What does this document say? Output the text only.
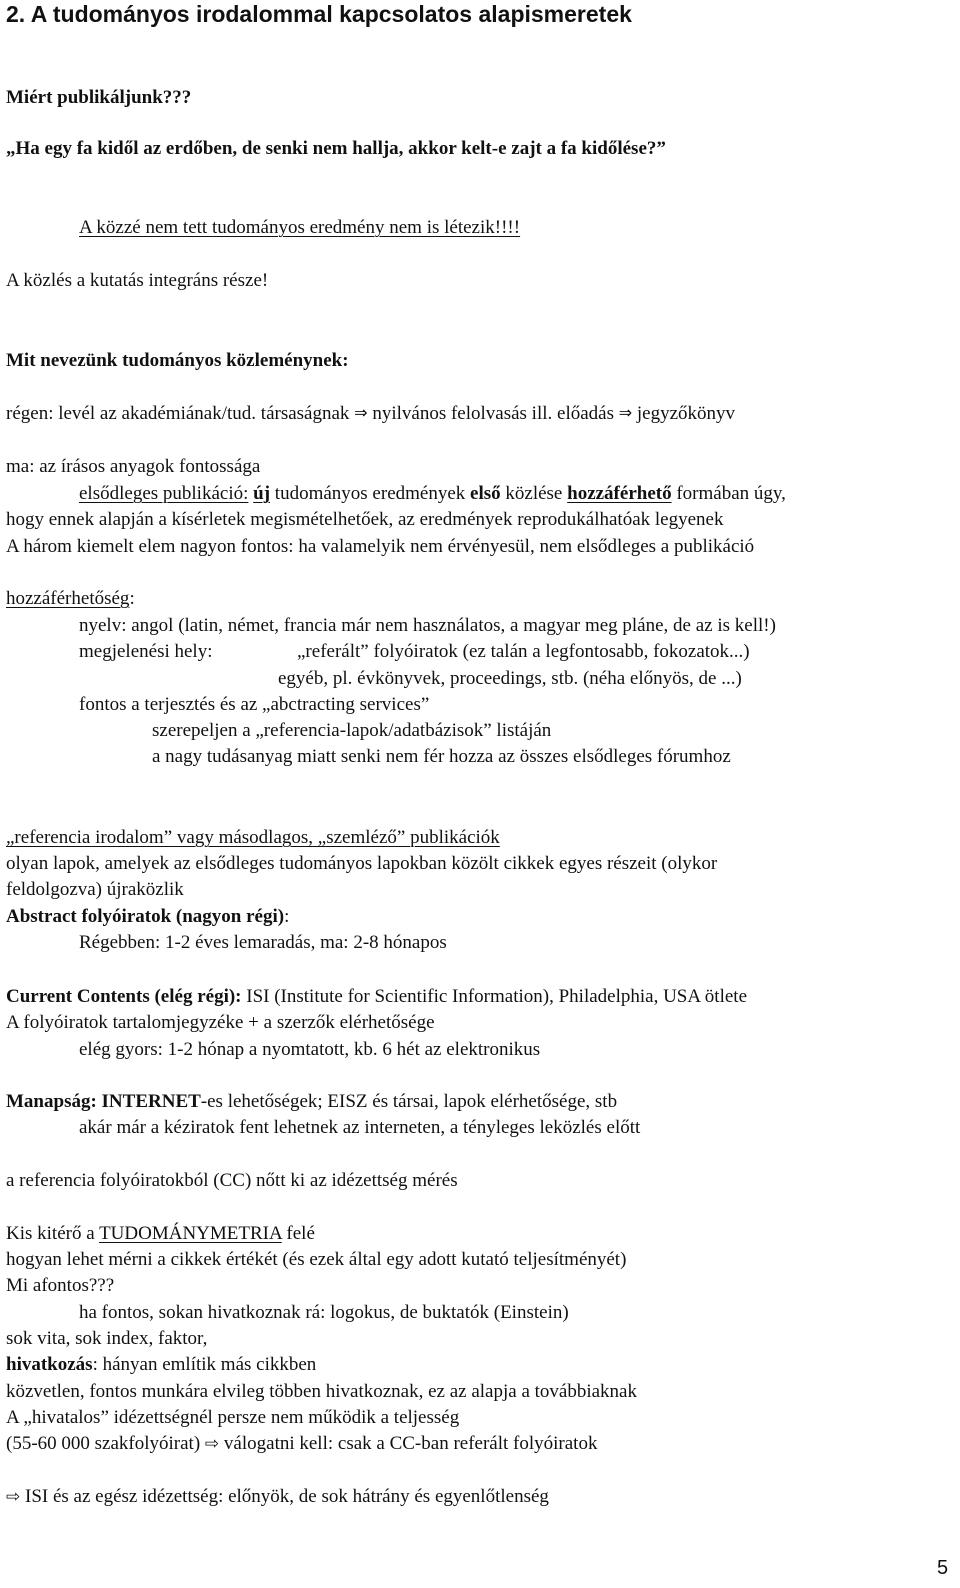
2. A tudományos irodalommal kapcsolatos alapismeretek
Miért publikáljunk???
„Ha egy fa kidől az erdőben, de senki nem hallja, akkor kelt-e zajt a fa kidőlése?”
A közzé nem tett tudományos eredmény nem is létezik!!!!
A közlés a kutatás integráns része!
Mit nevezünk tudományos közleménynek:
régen: levél az akadémiának/tud. társaságnak ⇒ nyilvános felolvasás ill. előadás ⇒ jegyzőkönyv
ma: az írásos anyagok fontossága
elsődleges publikáció: új tudományos eredmények első közlése hozzáférhető formában úgy,
hogy ennek alapján a kísérletek megismételhetőek, az eredmények reprodukálhatóak legyenek
A három kiemelt elem nagyon fontos: ha valamelyik nem érvényesül, nem elsődleges a publikáció
hozzáférhetőség:
nyelv: angol (latin, német, francia már nem használatos, a magyar meg pláne, de az is kell!)
megjelenési hely:	„referált” folyóiratok (ez talán a legfontosabb, fokozatok...)
egyéb, pl. évkönyvek, proceedings, stb. (néha előnyös, de ...)
fontos a terjesztés és az „abctracting services”
szerepeljen a „referencia-lapok/adatbázisok” listáján
a nagy tudásanyag miatt senki nem fér hozza az összes elsődleges fórumhoz
„referencia irodalom” vagy másodlagos, „szemléző” publikációk
olyan lapok, amelyek az elsődleges tudományos lapokban közölt cikkek egyes részeit (olykor
feldolgozva) újraközlik
Abstract folyóiratok (nagyon régi):
Régebben: 1-2 éves lemaradás, ma: 2-8 hónapos
Current Contents (elég régi): ISI (Institute for Scientific Information), Philadelphia, USA ötlete
A folyóiratok tartalomjegyzéke + a szerzők elérhetősége
elég gyors: 1-2 hónap a nyomtatott, kb. 6 hét az elektronikus
Manapság: INTERNET-es lehetőségek; EISZ és társai, lapok elérhetősége, stb
akár már a kéziratok fent lehetnek az interneten, a tényleges leközlés előtt
a referencia folyóiratokból (CC) nőtt ki az idézettség mérés
Kis kitérő a TUDOMÁNYMETRIA felé
hogyan lehet mérni a cikkek értékét (és ezek által egy adott kutató teljesítményét)
Mi afontos???
ha fontos, sokan hivatkoznak rá: logokus, de buktatók (Einstein)
sok vita, sok index, faktor,
hivatkozás: hányan említik más cikkben
közvetlen, fontos munkára elvileg többen hivatkoznak, ez az alapja a továbbiaknak
A „hivatalos” idézettségnél persze nem működik a teljesség
(55-60 000 szakfolyóirat) ⇨ válogatni kell: csak a CC-ban referált folyóiratok
⇨ ISI és az egész idézettség: előnyök, de sok hátrány és egyenlőtlenség
5
